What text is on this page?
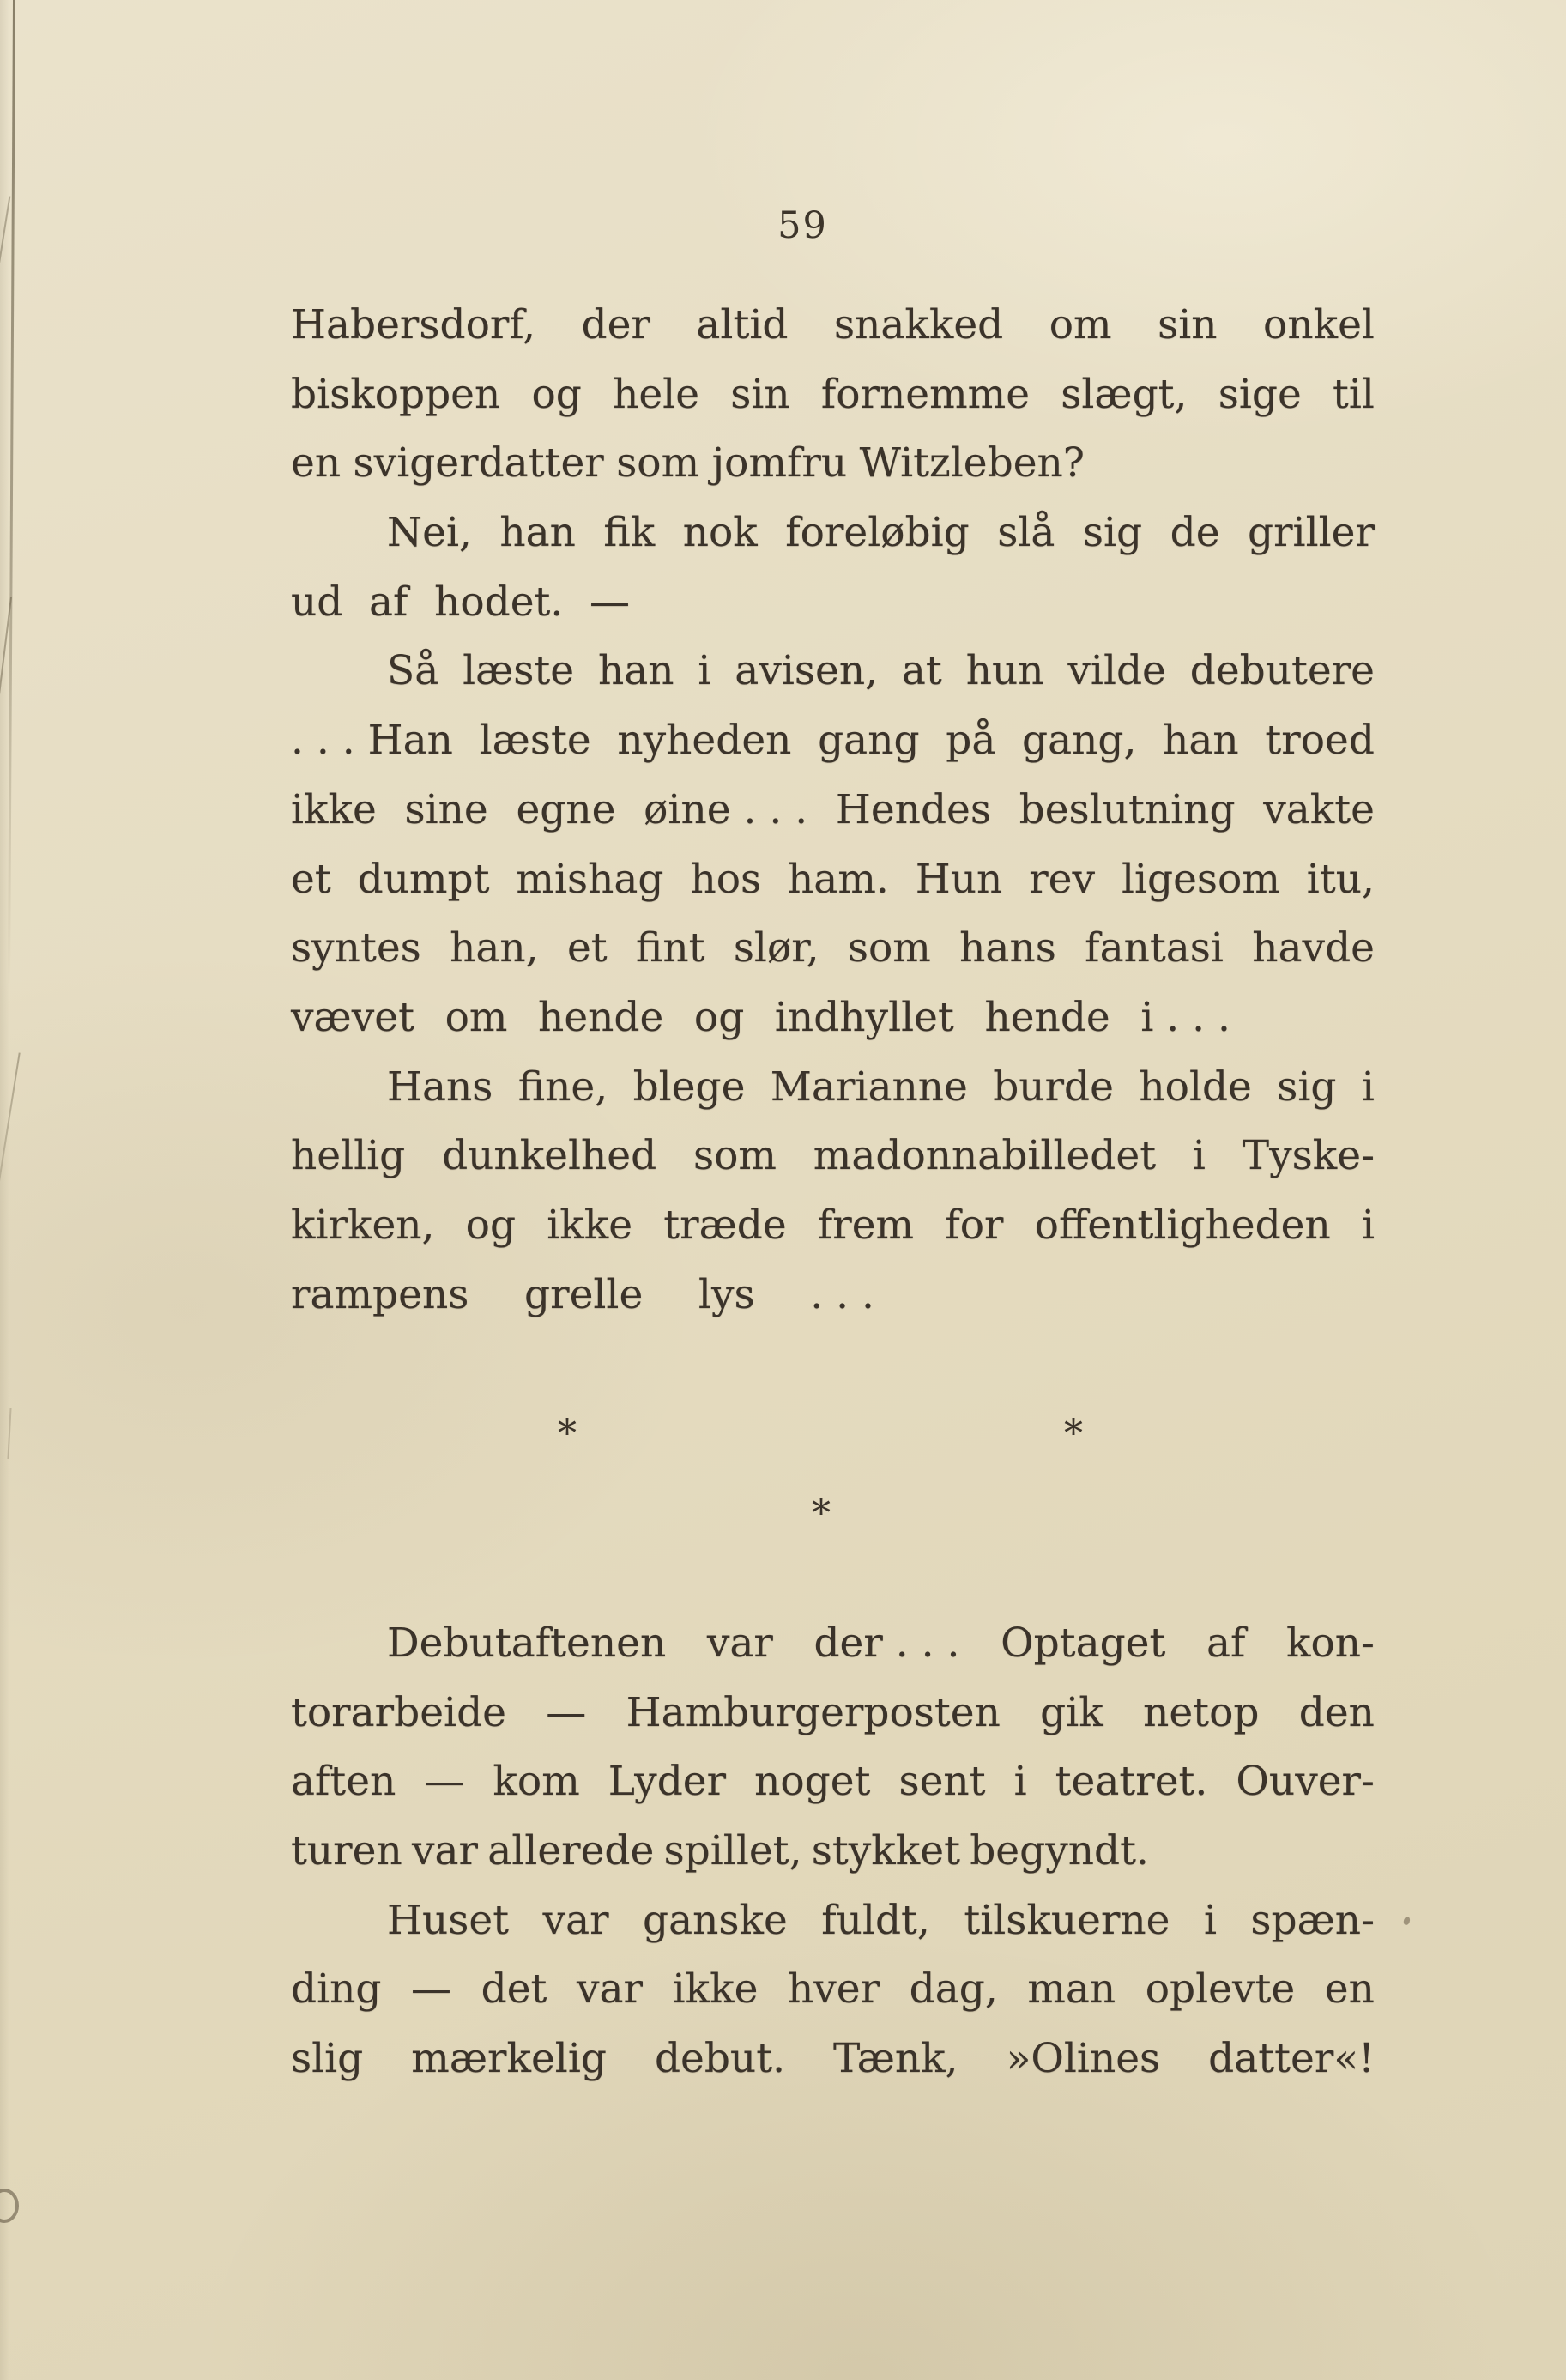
59
Habersdorf, der altid snakked om sin onkel
biskoppen og hele sin fornemme slægt, sige til
en svigerdatter som jomfru Witzleben?
Nei, han fik nok foreløbig slå sig de griller
ud af hodet. —
Så læste han i avisen, at hun vilde debutere
. . . Han læste nyheden gang på gang, han troed
ikke sine egne øine . . . Hendes beslutning vakte
et dumpt mishag hos ham. Hun rev ligesom itu,
syntes han, et fint slør, som hans fantasi havde
vævet om hende og indhyllet hende i . . .
Hans fine, blege Marianne burde holde sig i
hellig dunkelhed som madonnabilledet i Tyske-
kirken, og ikke træde frem for offentligheden i
rampens grelle lys . . .
*	*
*
Debutaftenen var der . . . Optaget af kon-
torarbeide — Hamburgerposten gik netop den
aften — kom Lyder noget sent i teatret. Ouver-
turen var allerede spillet, stykket begyndt.
Huset var ganske fuldt, tilskuerne i spæn-
ding — det var ikke hver dag, man oplevte en
slig mærkelig debut. Tænk, »Olines datter«!
